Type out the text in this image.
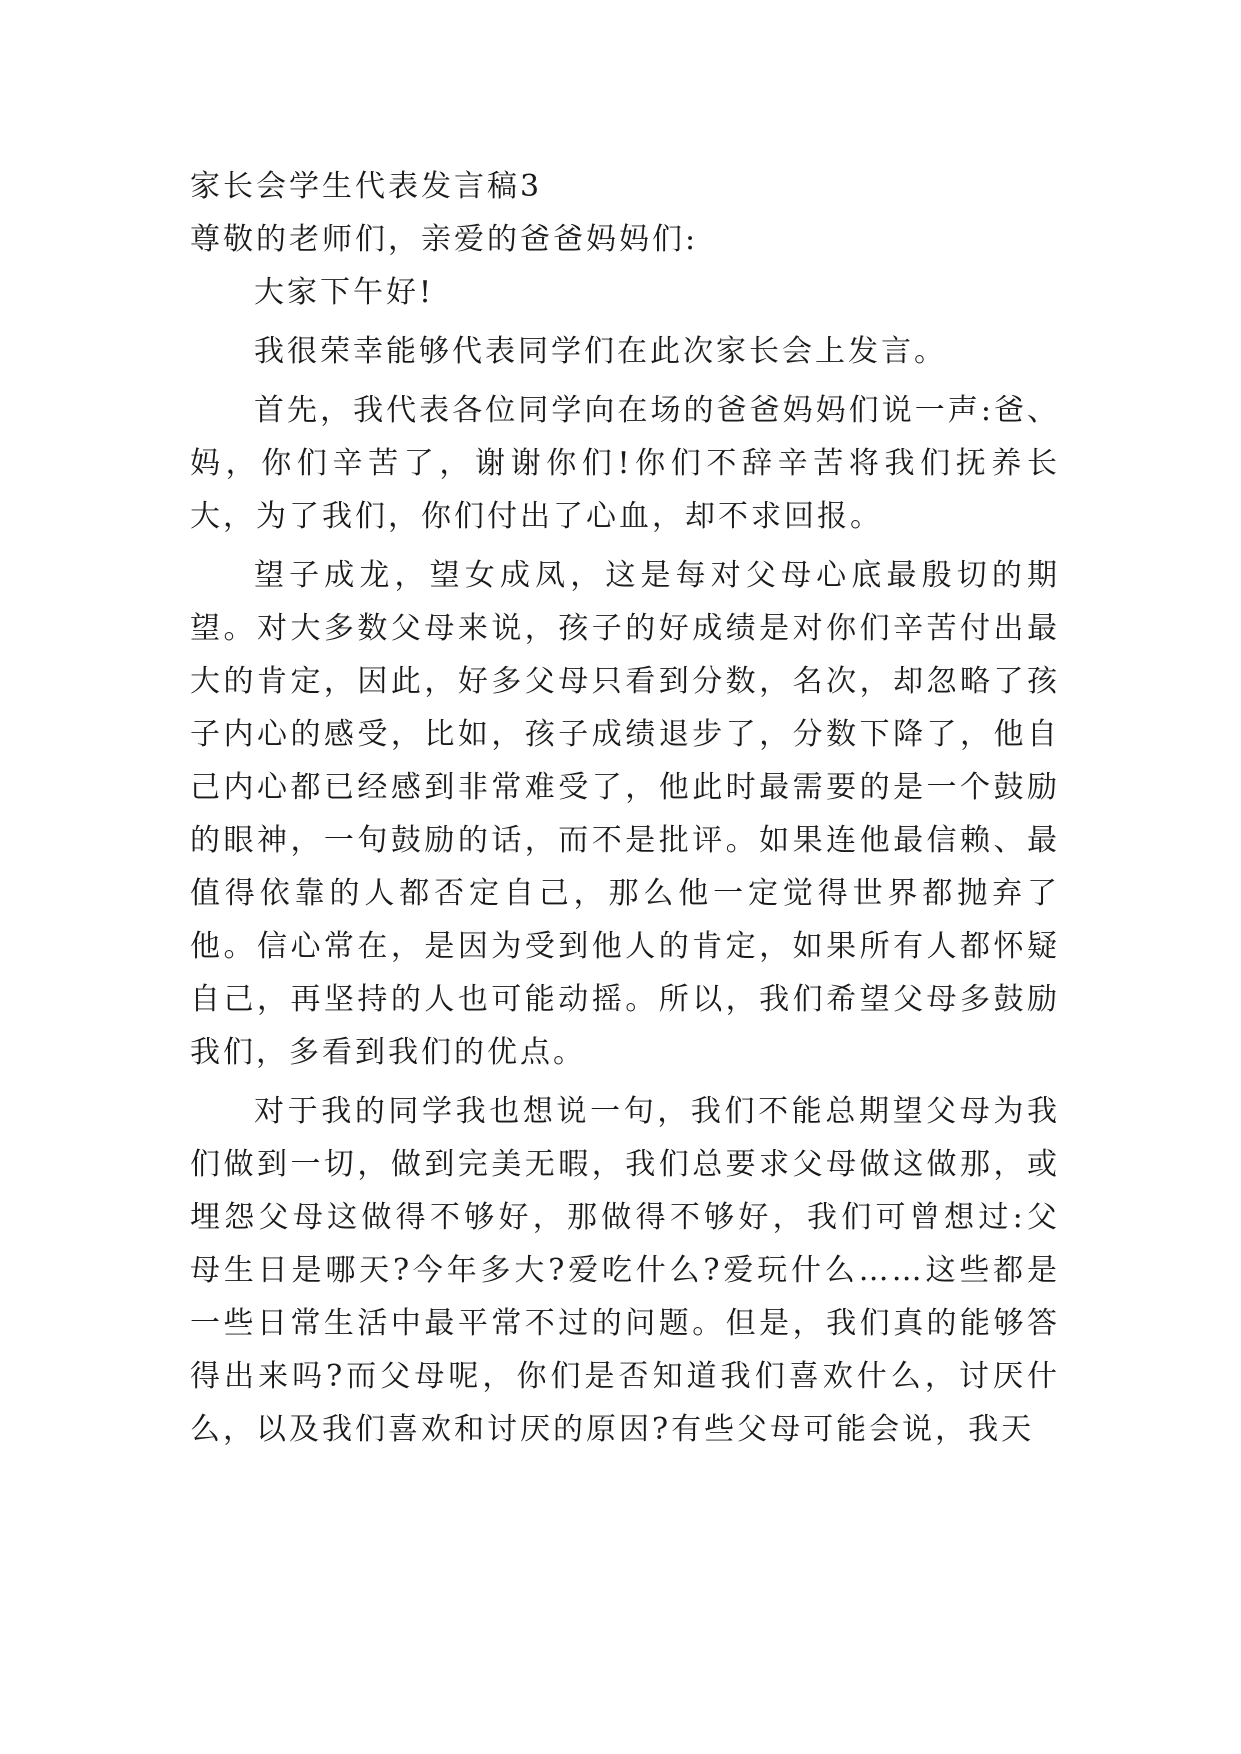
家长会学生代表发言稿3

尊敬的老师们，亲爱的爸爸妈妈们:

大家下午好!

我很荣幸能够代表同学们在此次家长会上发言。

首先，我代表各位同学向在场的爸爸妈妈们说一声:爸、妈，你们辛苦了，谢谢你们!你们不辞辛苦将我们抚养长大，为了我们，你们付出了心血，却不求回报。

望子成龙，望女成凤，这是每对父母心底最殷切的期望。对大多数父母来说，孩子的好成绩是对你们辛苦付出最大的肯定，因此，好多父母只看到分数，名次，却忽略了孩子内心的感受，比如，孩子成绩退步了，分数下降了，他自己内心都已经感到非常难受了，他此时最需要的是一个鼓励的眼神，一句鼓励的话，而不是批评。如果连他最信赖、最值得依靠的人都否定自己，那么他一定觉得世界都抛弃了他。信心常在，是因为受到他人的肯定，如果所有人都怀疑自己，再坚持的人也可能动摇。所以，我们希望父母多鼓励我们，多看到我们的优点。

对于我的同学我也想说一句，我们不能总期望父母为我们做到一切，做到完美无暇，我们总要求父母做这做那，或埋怨父母这做得不够好，那做得不够好，我们可曾想过:父母生日是哪天?今年多大?爱吃什么?爱玩什么……这些都是一些日常生活中最平常不过的问题。但是，我们真的能够答得出来吗?而父母呢，你们是否知道我们喜欢什么，讨厌什么，以及我们喜欢和讨厌的原因?有些父母可能会说，我天
